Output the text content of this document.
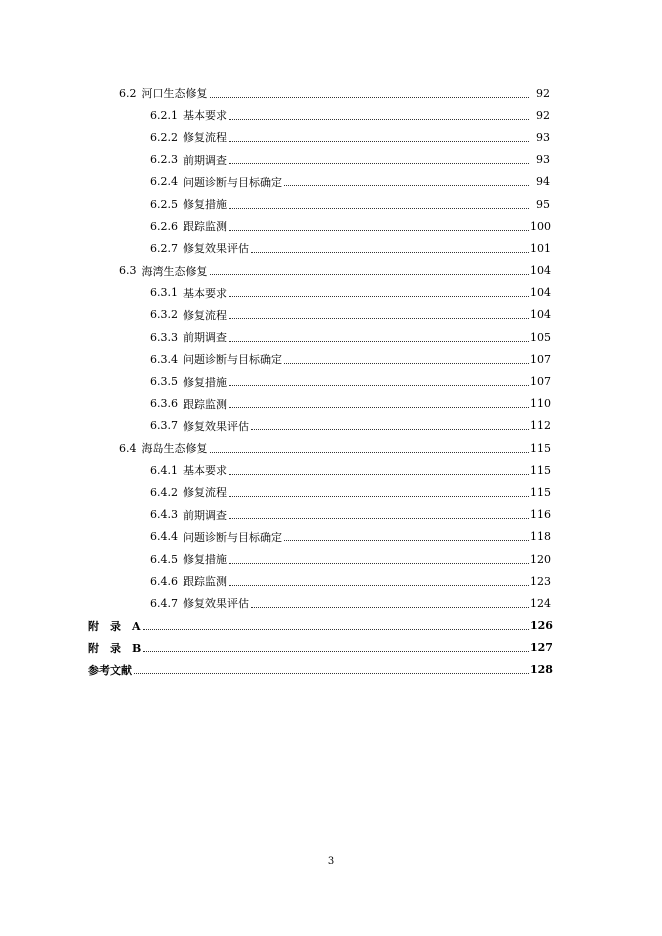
6.2 河口生态修复	92
6.2.1 基本要求	92
6.2.2 修复流程	93
6.2.3 前期调查	93
6.2.4 问题诊断与目标确定	94
6.2.5 修复措施	95
6.2.6 跟踪监测	100
6.2.7 修复效果评估	101
6.3 海湾生态修复	104
6.3.1 基本要求	104
6.3.2 修复流程	104
6.3.3 前期调查	105
6.3.4 问题诊断与目标确定	107
6.3.5 修复措施	107
6.3.6 跟踪监测	110
6.3.7 修复效果评估	112
6.4 海岛生态修复	115
6.4.1 基本要求	115
6.4.2 修复流程	115
6.4.3 前期调查	116
6.4.4 问题诊断与目标确定	118
6.4.5 修复措施	120
6.4.6 跟踪监测	123
6.4.7 修复效果评估	124
附　录　A	126
附　录　B	127
参考文献	128
3
